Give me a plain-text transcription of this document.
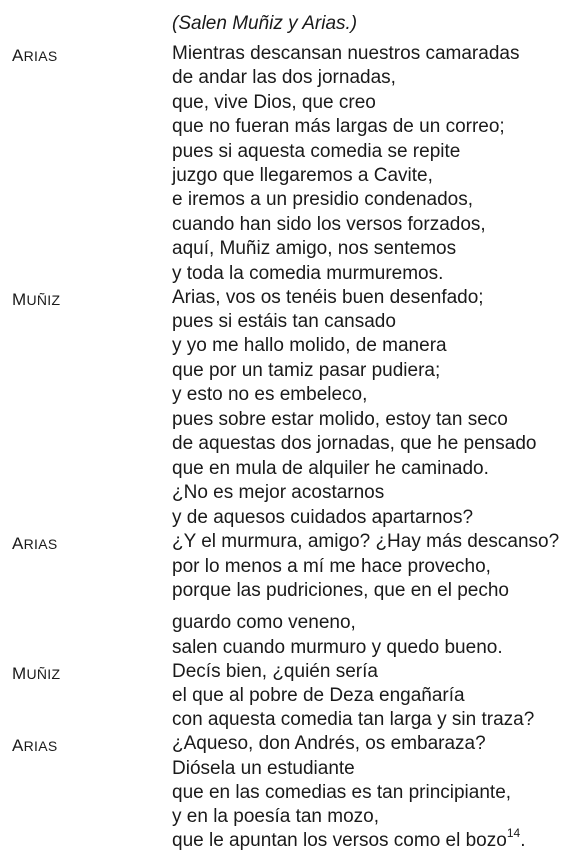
(Salen Muñiz y Arias.)
ARIAS	Mientras descansan nuestros camaradas
de andar las dos jornadas,
que, vive Dios, que creo
que no fueran más largas de un correo;
pues si aquesta comedia se repite
juzgo que llegaremos a Cavite,
e iremos a un presidio condenados,
cuando han sido los versos forzados,
aquí, Muñiz amigo, nos sentemos
y toda la comedia murmuremos.
MUÑIZ	Arias, vos os tenéis buen desenfado;
pues si estáis tan cansado
y yo me hallo molido, de manera
que por un tamiz pasar pudiera;
y esto no es embeleco,
pues sobre estar molido, estoy tan seco
de aquestas dos jornadas, que he pensado
que en mula de alquiler he caminado.
¿No es mejor acostarnos
y de aquesos cuidados apartarnos?
ARIAS	¿Y el murmura, amigo? ¿Hay más descanso?
por lo menos a mí me hace provecho,
porque las pudriciones, que en el pecho
guardo como veneno,
salen cuando murmuro y quedo bueno.
MUÑIZ	Decís bien, ¿quién sería
el que al pobre de Deza engañaría
con aquesta comedia tan larga y sin traza?
ARIAS	¿Aqueso, don Andrés, os embaraza?
Diósela un estudiante
que en las comedias es tan principiante,
y en la poesía tan mozo,
que le apuntan los versos como el bozo$^{14}$.
